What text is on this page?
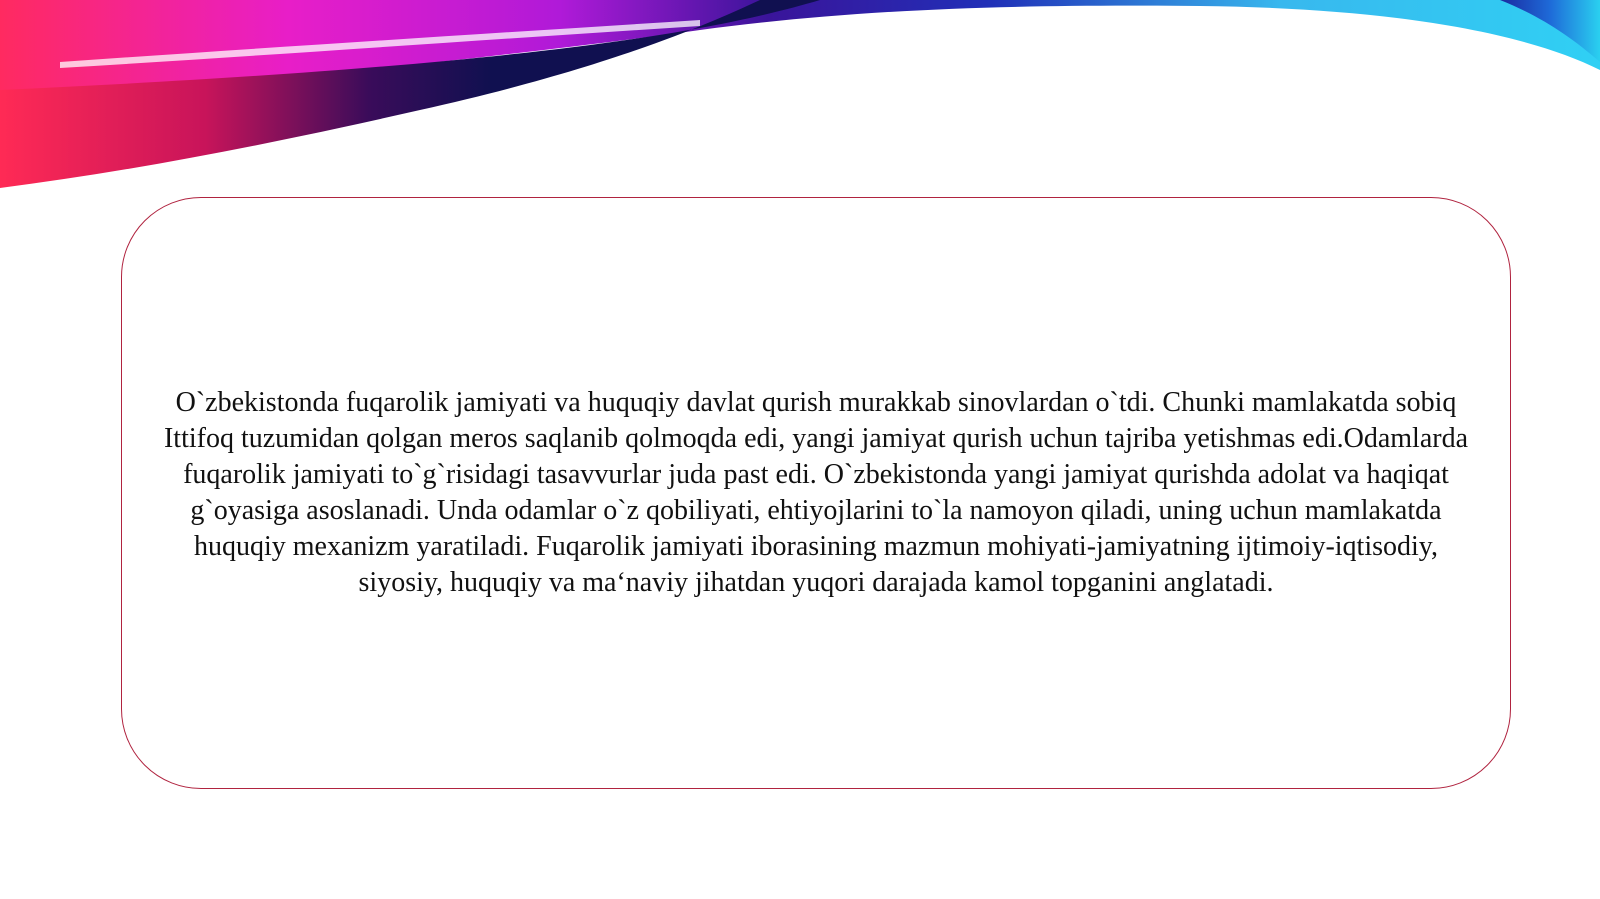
O`zbekistonda fuqarolik jamiyati va huquqiy davlat qurish murakkab sinovlardan o`tdi. Chunki mamlakatda sobiq Ittifoq tuzumidan qolgan meros saqlanib qolmoqda edi, yangi jamiyat qurish uchun tajriba yetishmas edi.Odamlarda fuqarolik jamiyati to`g`risidagi tasavvurlar juda past edi. O`zbekistonda yangi jamiyat qurishda adolat va haqiqat g`oyasiga asoslanadi. Unda odamlar o`z qobiliyati, ehtiyojlarini to`la namoyon qiladi, uning uchun mamlakatda huquqiy mexanizm yaratiladi. Fuqarolik jamiyati iborasining mazmun mohiyati-jamiyatning ijtimoiy-iqtisodiy, siyosiy, huquqiy va ma‘naviy jihatdan yuqori darajada kamol topganini anglatadi.
